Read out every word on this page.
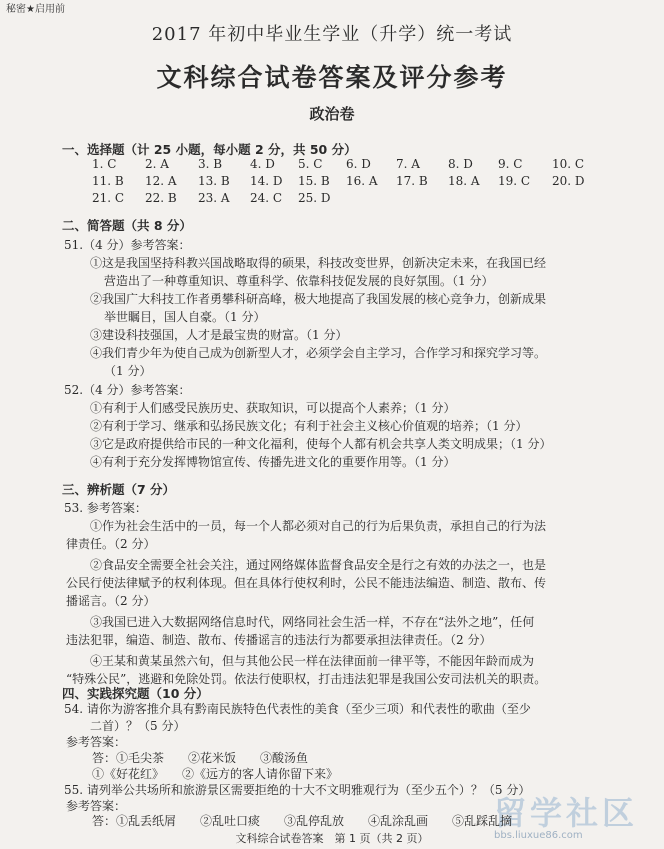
秘密★启用前
2017 年初中毕业生学业（升学）统一考试
文科综合试卷答案及评分参考
政治卷
一、选择题（计 25 小题，每小题 2 分，共 50 分）
1. C 2. A 3. B 4. D 5. C 6. D 7. A 8. D 9. C 10. C
11. B 12. A 13. B 14. D 15. B 16. A 17. B 18. A 19. C 20. D
21. C 22. B 23. A 24. C 25. D
二、简答题（共 8 分）
51.（4 分）参考答案：
①这是我国坚持科教兴国战略取得的硕果，科技改变世界，创新决定未来，在我国已经
营造出了一种尊重知识、尊重科学、依靠科技促发展的良好氛围。（1 分）
②我国广大科技工作者勇攀科研高峰，极大地提高了我国发展的核心竞争力，创新成果
举世瞩目，国人自豪。（1 分）
③建设科技强国，人才是最宝贵的财富。（1 分）
④我们青少年为使自己成为创新型人才，必须学会自主学习，合作学习和探究学习等。
（1 分）
52.（4 分）参考答案：
①有利于人们感受民族历史、获取知识，可以提高个人素养；（1 分）
②有利于学习、继承和弘扬民族文化；有利于社会主义核心价值观的培养；（1 分）
③它是政府提供给市民的一种文化福利，使每个人都有机会共享人类文明成果；（1 分）
④有利于充分发挥博物馆宣传、传播先进文化的重要作用等。（1 分）
三、辨析题（7 分）
53. 参考答案：
①作为社会生活中的一员，每一个人都必须对自己的行为后果负责，承担自己的行为法
律责任。（2 分）
②食品安全需要全社会关注，通过网络媒体监督食品安全是行之有效的办法之一，也是
公民行使法律赋予的权利体现。但在具体行使权利时，公民不能违法编造、制造、散布、传
播谣言。（2 分）
③我国已进入大数据网络信息时代，网络同社会生活一样，不存在“法外之地”，任何
违法犯罪，编造、制造、散布、传播谣言的违法行为都要承担法律责任。（2 分）
④王某和黄某虽然六旬，但与其他公民一样在法律面前一律平等，不能因年龄而成为
“特殊公民”，逃避和免除处罚。依法行使职权，打击违法犯罪是我国公安司法机关的职责。
四、实践探究题（10 分）
54. 请你为游客推介具有黔南民族特色代表性的美食（至少三项）和代表性的歌曲（至少
二首）？（5 分）
参考答案：
答：①毛尖茶　　②花米饭　　③酸汤鱼
①《好花红》　　②《远方的客人请你留下来》
55. 请列举公共场所和旅游景区需要拒绝的十大不文明雅观行为（至少五个）？（5 分）
文科综合试卷答案　第 1 页（共 2 页）
留学社区
bbs.liuxue86.com
参考答案：
答：①乱丢纸屑　　②乱吐口痰　　③乱停乱放　　④乱涂乱画　　⑤乱踩乱摘
